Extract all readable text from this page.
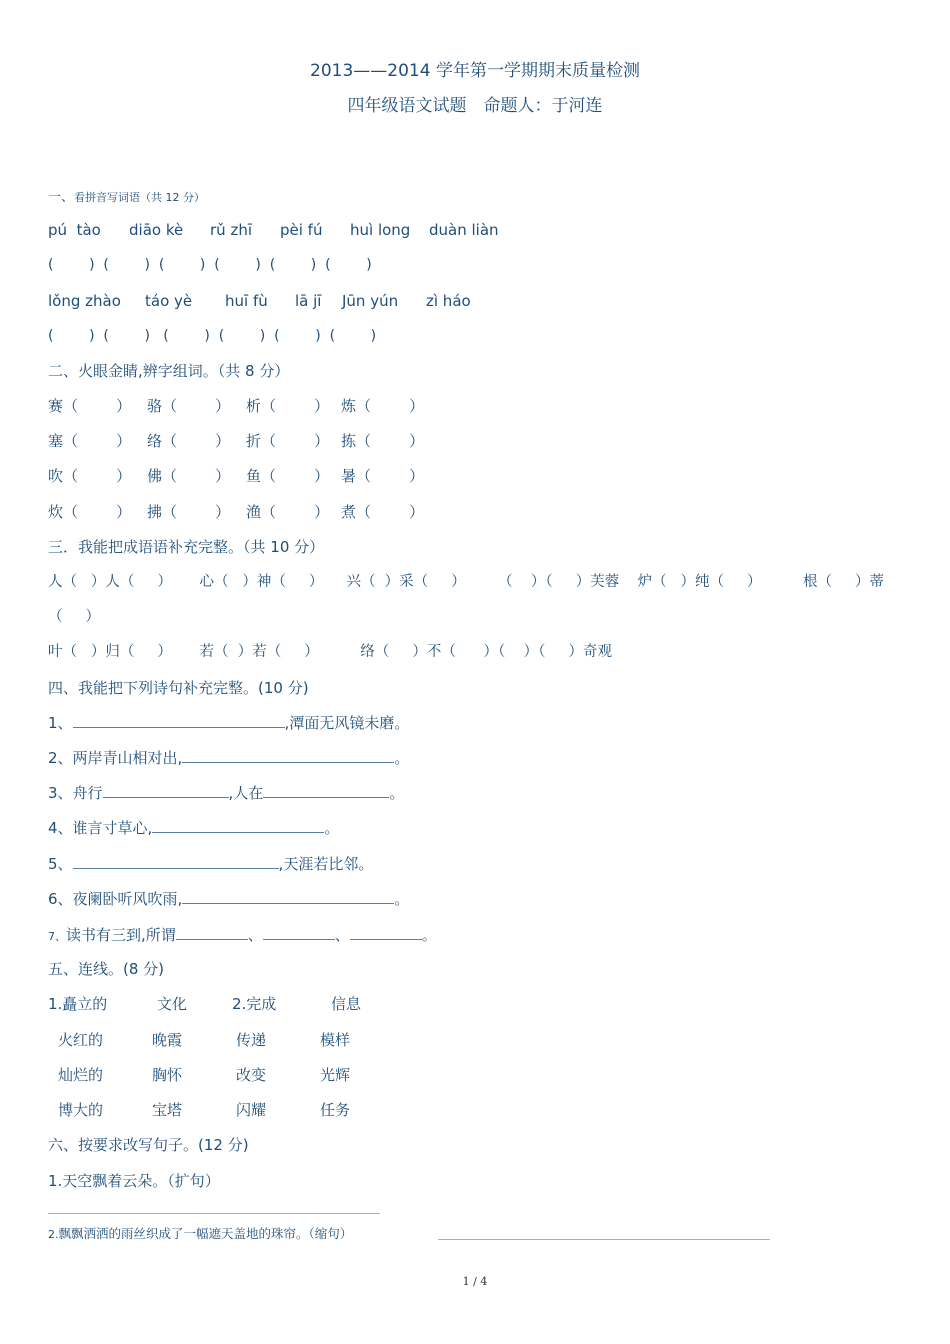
2013——2014 学年第一学期期末质量检测
四年级语文试题　命题人：于河连
一、看拼音写词语（共 12 分）
pú  tào diāo kè rǔ zhī pèi fú huì long duàn liàn
(        )  (        )  (        )  (        )  (        )  (        )
lǒng zhào táo yè huī fù lā jī Jūn yún zì háo
(        )  (        )   (        )  (        )  (        )  (        )
二、火眼金睛,辨字组词。（共 8 分）
赛（        ） 骆（        ） 析（        ） 炼（        ）
塞（        ） 络（        ） 折（        ） 拣（        ）
吹（        ） 佛（        ） 鱼（        ） 暑（        ）
炊（        ） 拂（        ） 渔（        ） 煮（        ）
三．我能把成语语补充完整。（共 10 分）
人（   ）人（     ）      心（   ）神（     ）     兴（  ）采（     ）       （    ）（     ）芙蓉    炉（   ）纯（     ）         根（     ）蒂
（     ）
叶（   ）归（     ）      若（  ）若（     ）         络（     ）不（      ）（    ）（     ）奇观
四、我能把下列诗句补充完整。(10 分)
1、	,潭面无风镜未磨。
2、两岸青山相对出,	。
3、舟行	,人在	。
4、谁言寸草心,	。
5、	,天涯若比邻。
6、夜阑卧听风吹雨,	。
7、读书有三到,所谓	、	、	。
五、连线。(8 分)
1.矗立的	文化	2.完成	信息
火红的	晚霞	传递	模样
灿烂的	胸怀	改变	光辉
博大的	宝塔	闪耀	任务
六、按要求改写句子。(12 分)
1.天空飘着云朵。（扩句）
2.飘飘洒洒的雨丝织成了一幅遮天盖地的珠帘。（缩句）
1 / 4
